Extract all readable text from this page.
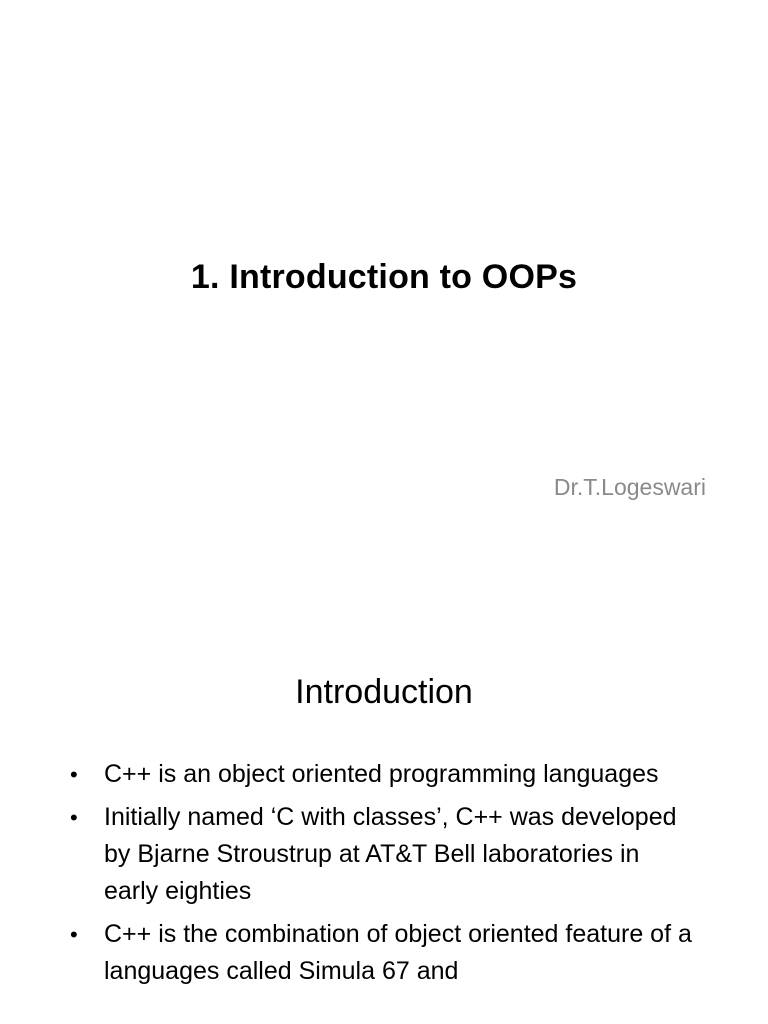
1. Introduction to OOPs
Dr.T.Logeswari
Introduction
•	C++ is an object oriented programming languages
•	Initially named ‘C with classes’, C++ was developed by Bjarne Stroustrup at AT&T Bell laboratories in early eighties
•	C++ is the combination of object oriented feature of a languages called Simula 67 and
